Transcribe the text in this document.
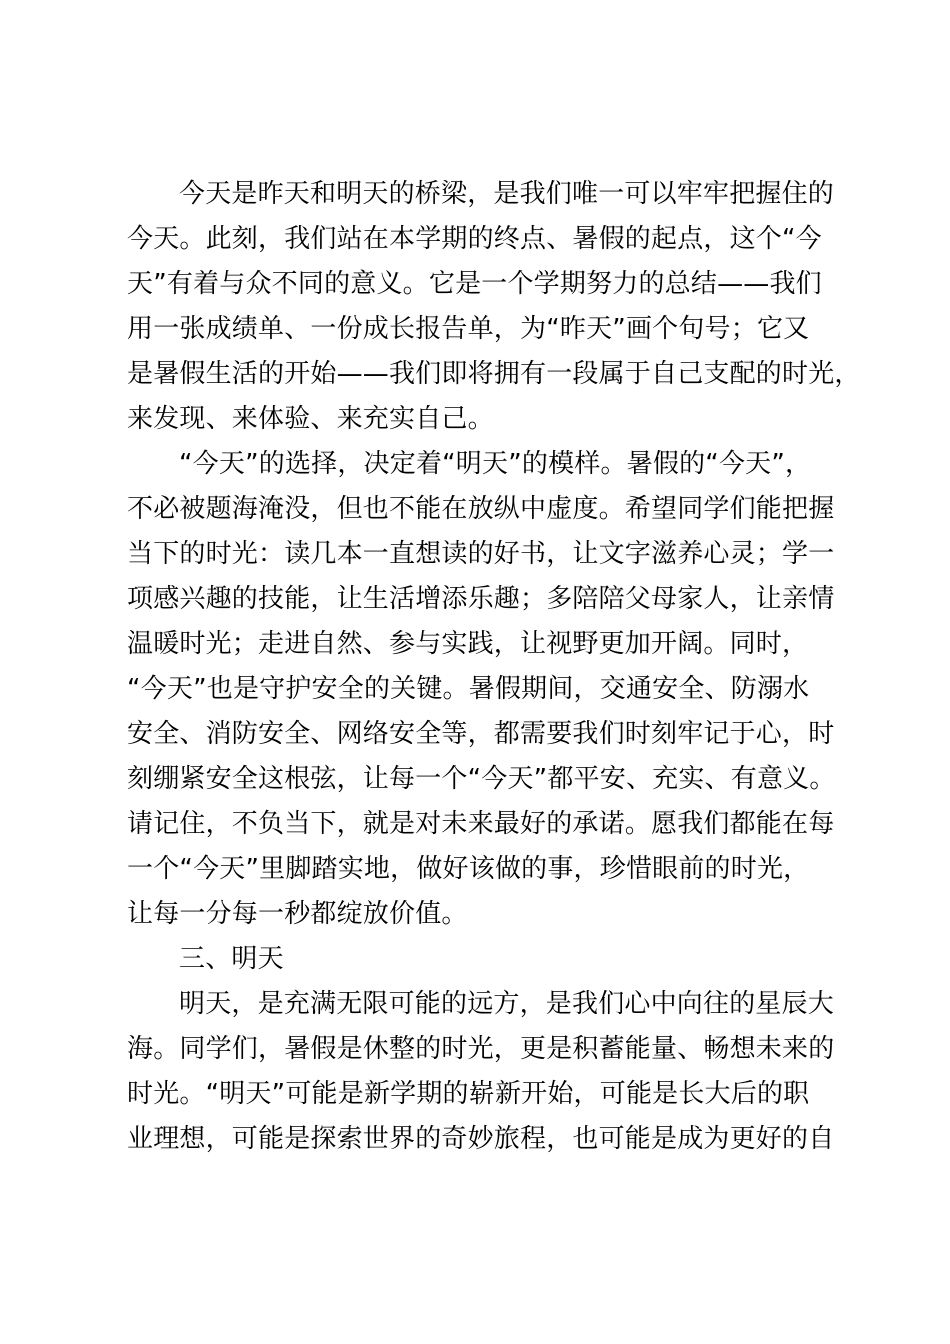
今天是昨天和明天的桥梁，是我们唯一可以牢牢把握住的
今天。此刻，我们站在本学期的终点、暑假的起点，这个“今
天”有着与众不同的意义。它是一个学期努力的总结——我们
用一张成绩单、一份成长报告单，为“昨天”画个句号；它又
是暑假生活的开始——我们即将拥有一段属于自己支配的时光，
来发现、来体验、来充实自己。
“今天”的选择，决定着“明天”的模样。暑假的“今天”，
不必被题海淹没，但也不能在放纵中虚度。希望同学们能把握
当下的时光：读几本一直想读的好书，让文字滋养心灵；学一
项感兴趣的技能，让生活增添乐趣；多陪陪父母家人，让亲情
温暖时光；走进自然、参与实践，让视野更加开阔。同时，
“今天”也是守护安全的关键。暑假期间，交通安全、防溺水
安全、消防安全、网络安全等，都需要我们时刻牢记于心，时
刻绷紧安全这根弦，让每一个“今天”都平安、充实、有意义。
请记住，不负当下，就是对未来最好的承诺。愿我们都能在每
一个“今天”里脚踏实地，做好该做的事，珍惜眼前的时光，
让每一分每一秒都绽放价值。
三、明天
明天，是充满无限可能的远方，是我们心中向往的星辰大
海。同学们，暑假是休整的时光，更是积蓄能量、畅想未来的
时光。“明天”可能是新学期的崭新开始，可能是长大后的职
业理想，可能是探索世界的奇妙旅程，也可能是成为更好的自
